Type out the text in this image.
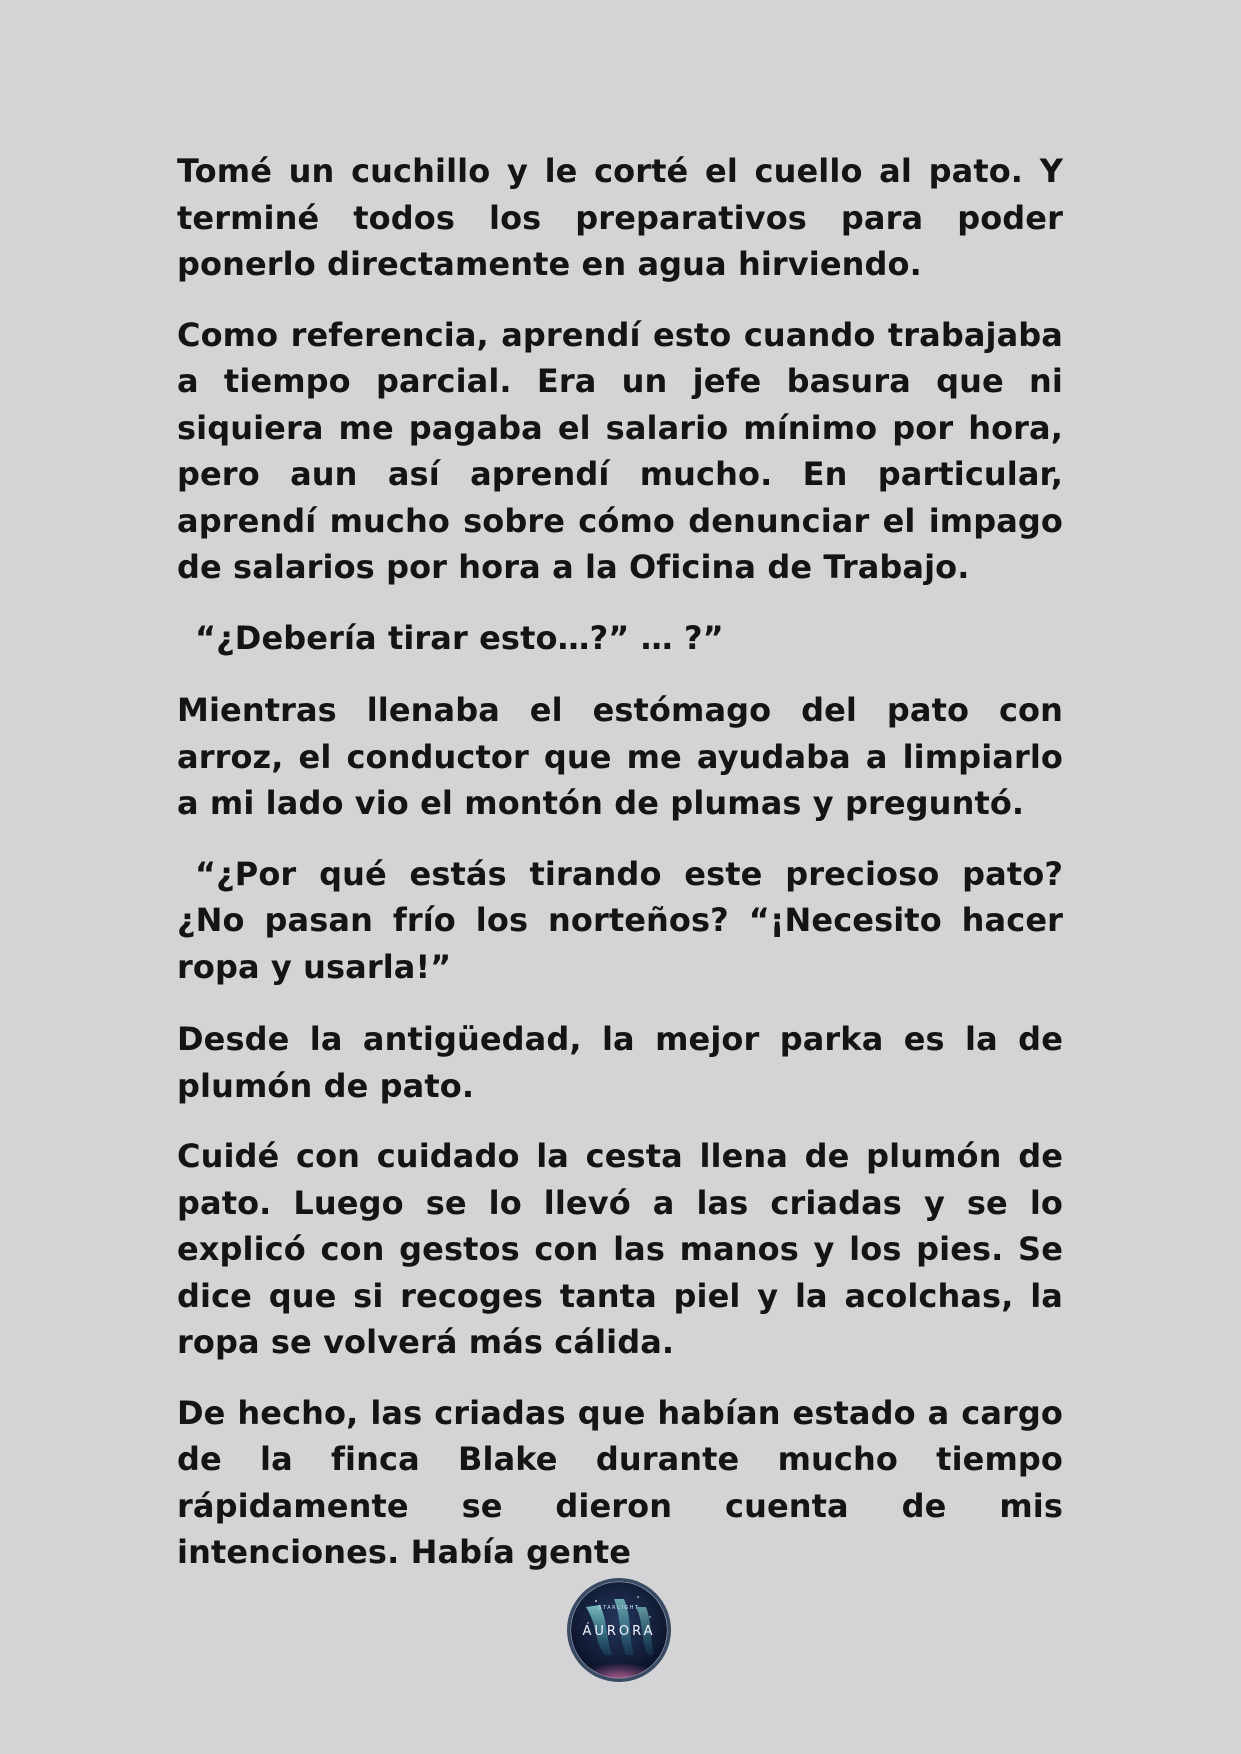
Tomé un cuchillo y le corté el cuello al pato. Y terminé todos los preparativos para poder ponerlo directamente en agua hirviendo.

Como referencia, aprendí esto cuando trabajaba a tiempo parcial. Era un jefe basura que ni siquiera me pagaba el salario mínimo por hora, pero aun así aprendí mucho. En particular, aprendí mucho sobre cómo denunciar el impago de salarios por hora a la Oficina de Trabajo.

“¿Debería tirar esto…?” … ?”

Mientras llenaba el estómago del pato con arroz, el conductor que me ayudaba a limpiarlo a mi lado vio el montón de plumas y preguntó.

“¿Por qué estás tirando este precioso pato? ¿No pasan frío los norteños? “¡Necesito hacer ropa y usarla!”

Desde la antigüedad, la mejor parka es la de plumón de pato.

Cuidé con cuidado la cesta llena de plumón de pato. Luego se lo llevó a las criadas y se lo explicó con gestos con las manos y los pies. Se dice que si recoges tanta piel y la acolchas, la ropa se volverá más cálida.

De hecho, las criadas que habían estado a cargo de la finca Blake durante mucho tiempo rápidamente se dieron cuenta de mis intenciones. Había gente

STARLIGHT
AURORA
